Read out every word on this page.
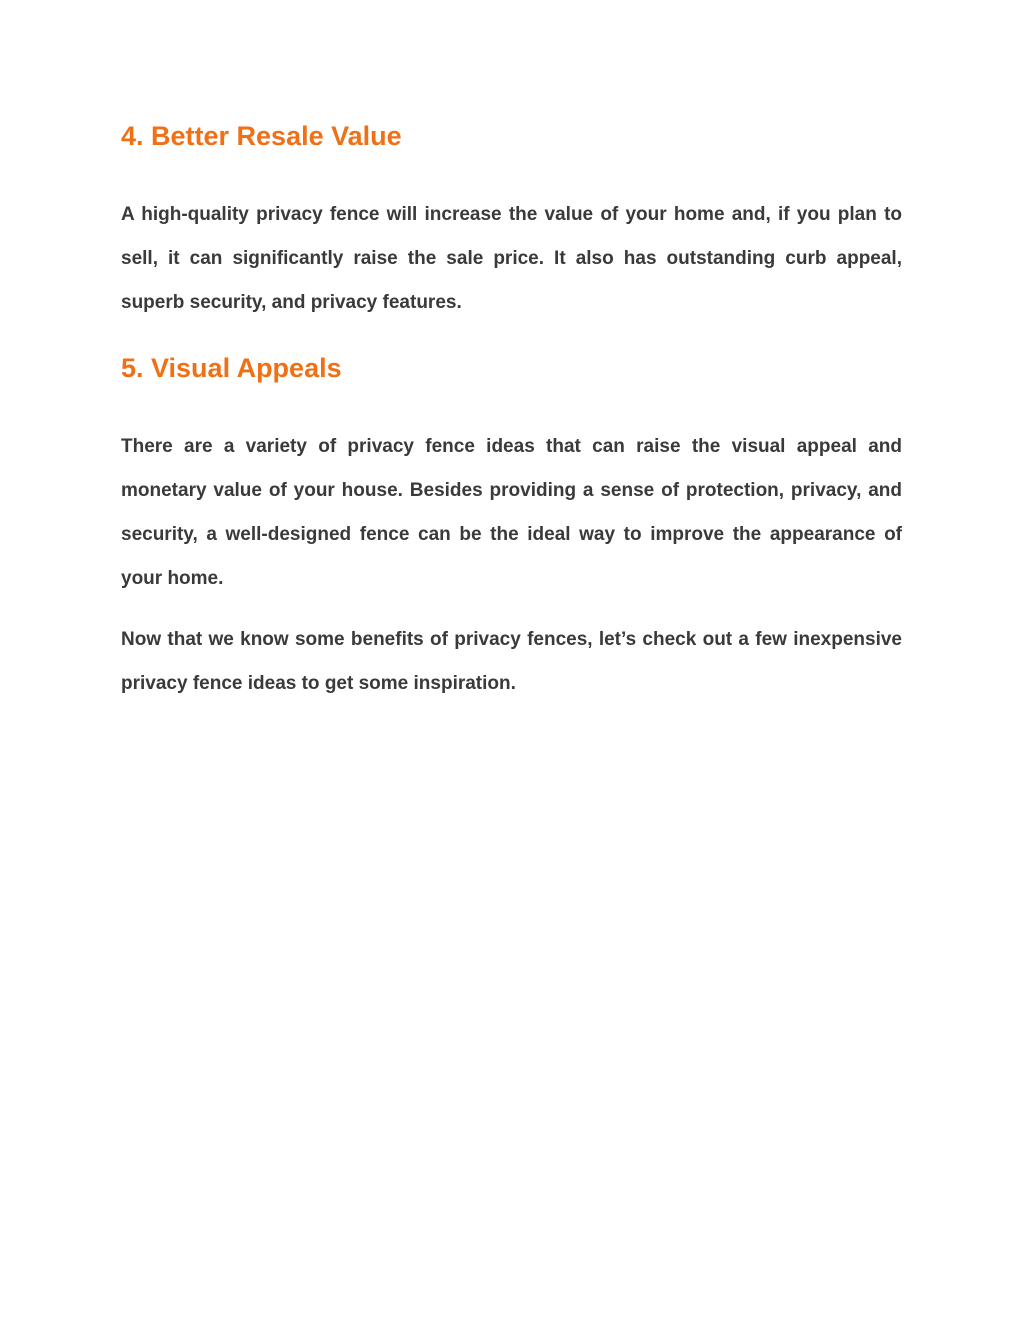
4. Better Resale Value

A high-quality privacy fence will increase the value of your home and, if you plan to sell, it can significantly raise the sale price. It also has outstanding curb appeal, superb security, and privacy features.

5. Visual Appeals

There are a variety of privacy fence ideas that can raise the visual appeal and monetary value of your house. Besides providing a sense of protection, privacy, and security, a well-designed fence can be the ideal way to improve the appearance of your home.

Now that we know some benefits of privacy fences, let’s check out a few inexpensive privacy fence ideas to get some inspiration.
